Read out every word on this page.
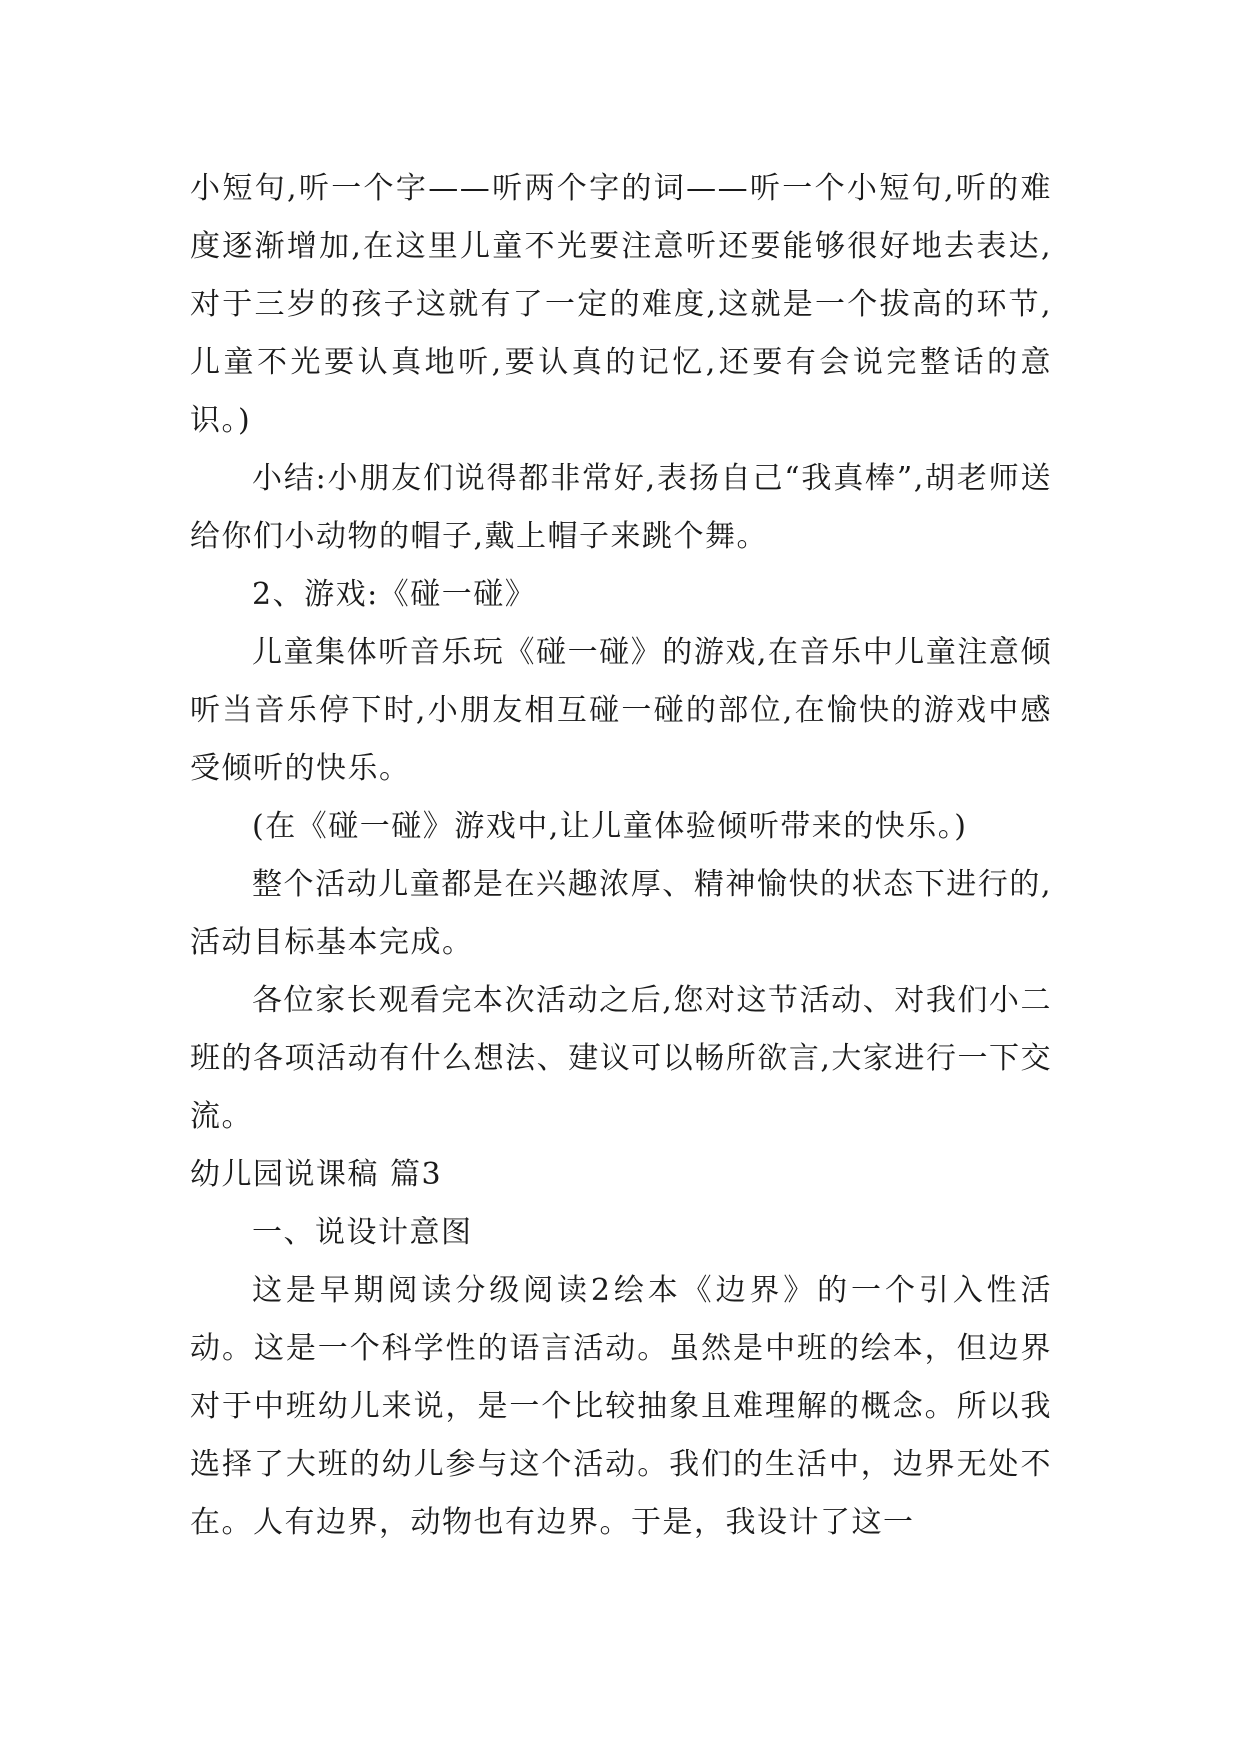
小短句,听一个字——听两个字的词——听一个小短句,听的难度逐渐增加,在这里儿童不光要注意听还要能够很好地去表达,对于三岁的孩子这就有了一定的难度,这就是一个拔高的环节,儿童不光要认真地听,要认真的记忆,还要有会说完整话的意识。)

小结:小朋友们说得都非常好,表扬自己“我真棒”,胡老师送给你们小动物的帽子,戴上帽子来跳个舞。

2、游戏:《碰一碰》

儿童集体听音乐玩《碰一碰》的游戏,在音乐中儿童注意倾听当音乐停下时,小朋友相互碰一碰的部位,在愉快的游戏中感受倾听的快乐。

(在《碰一碰》游戏中,让儿童体验倾听带来的快乐。)

整个活动儿童都是在兴趣浓厚、精神愉快的状态下进行的,活动目标基本完成。

各位家长观看完本次活动之后,您对这节活动、对我们小二班的各项活动有什么想法、建议可以畅所欲言,大家进行一下交流。

幼儿园说课稿 篇3

一、说设计意图

这是早期阅读分级阅读2绘本《边界》的一个引入性活动。这是一个科学性的语言活动。虽然是中班的绘本，但边界对于中班幼儿来说，是一个比较抽象且难理解的概念。所以我选择了大班的幼儿参与这个活动。我们的生活中，边界无处不在。人有边界，动物也有边界。于是，我设计了这一
